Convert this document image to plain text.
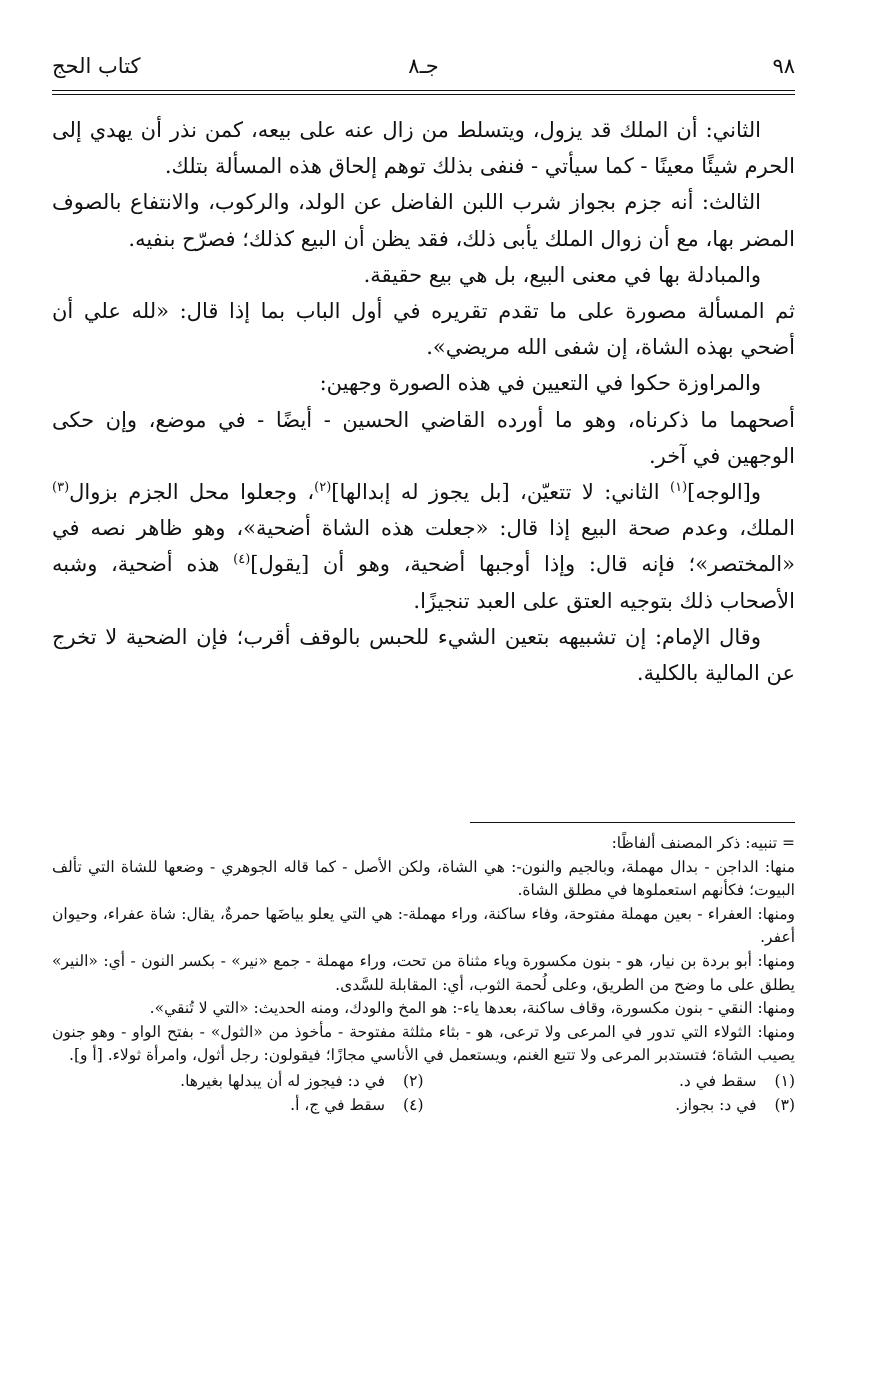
٩٨
جـ٨
كتاب الحج

الثاني: أن الملك قد يزول، ويتسلط من زال عنه على بيعه، كمن نذر أن يهدي إلى الحرم شيئًا معينًا - كما سيأتي - فنفى بذلك توهم إلحاق هذه المسألة بتلك.

الثالث: أنه جزم بجواز شرب اللبن الفاضل عن الولد، والركوب، والانتفاع بالصوف المضر بها، مع أن زوال الملك يأبى ذلك، فقد يظن أن البيع كذلك؛ فصرّح بنفيه.

والمبادلة بها في معنى البيع، بل هي بيع حقيقة.

ثم المسألة مصورة على ما تقدم تقريره في أول الباب بما إذا قال: «لله علي أن أضحي بهذه الشاة، إن شفى الله مريضي».

والمراوزة حكوا في التعيين في هذه الصورة وجهين:

أصحهما ما ذكرناه، وهو ما أورده القاضي الحسين - أيضًا - في موضع، وإن حكى الوجهين في آخر.

و[الوجه]$^{(١)}$ الثاني: لا تتعيّن، [بل يجوز له إبدالها]$^{(٢)}$، وجعلوا محل الجزم بزوال$^{(٣)}$ الملك، وعدم صحة البيع إذا قال: «جعلت هذه الشاة أضحية»، وهو ظاهر نصه في «المختصر»؛ فإنه قال: وإذا أوجبها أضحية، وهو أن [يقول]$^{(٤)}$ هذه أضحية، وشبه الأصحاب ذلك بتوجيه العتق على العبد تنجيزًا.

وقال الإمام: إن تشبيهه بتعين الشيء للحبس بالوقف أقرب؛ فإن الضحية لا تخرج عن المالية بالكلية.

= تنبيه: ذكر المصنف ألفاظًا:

منها: الداجن - بدال مهملة، وبالجيم والنون-: هي الشاة، ولكن الأصل - كما قاله الجوهري - وضعها للشاة التي تألف البيوت؛ فكأنهم استعملوها في مطلق الشاة.

ومنها: العفراء - بعين مهملة مفتوحة، وفاء ساكنة، وراء مهملة-: هي التي يعلو بياضَها حمرةٌ، يقال: شاة عفراء، وحيوان أعفر.

ومنها: أبو بردة بن نيار، هو - بنون مكسورة وياء مثناة من تحت، وراء مهملة - جمع «نير» - بكسر النون - أي: «النير» يطلق على ما وضح من الطريق، وعلى لُحمة الثوب، أي: المقابلة للسَّدى.

ومنها: النقي - بنون مكسورة، وقاف ساكنة، بعدها ياء-: هو المخ والودك، ومنه الحديث: «التي لا تُنقي».

ومنها: الثولاء التي تدور في المرعى ولا ترعى، هو - بثاء مثلثة مفتوحة - مأخوذ من «الثول» - بفتح الواو - وهو جنون يصيب الشاة؛ فتستدبر المرعى ولا تتبع الغنم، ويستعمل في الأناسي مجازًا؛ فيقولون: رجل أثول، وامرأة ثولاء. [أ و].

(١)سقط في د.
(٢)في د: فيجوز له أن يبدلها بغيرها.
(٣)في د: بجواز.
(٤)سقط في ج، أ.
